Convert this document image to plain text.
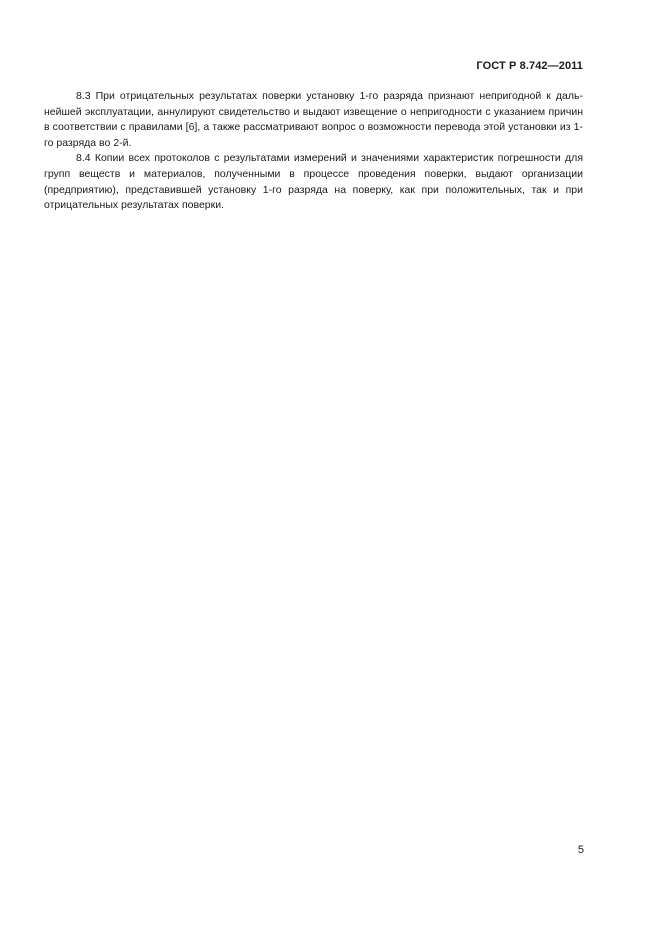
ГОСТ Р 8.742—2011

8.3 При отрицательных результатах поверки установку 1-го разряда признают непригодной к дальнейшей эксплуатации, аннулируют свидетельство и выдают извещение о непригодности с указанием причин в соответствии с правилами [6], а также рассматривают вопрос о возможности перевода этой установки из 1-го разряда во 2-й.

8.4 Копии всех протоколов с результатами измерений и значениями характеристик погрешности для групп веществ и материалов, полученными в процессе проведения поверки, выдают организации (предприятию), представившей установку 1-го разряда на поверку, как при положительных, так и при отрицательных результатах поверки.

5
